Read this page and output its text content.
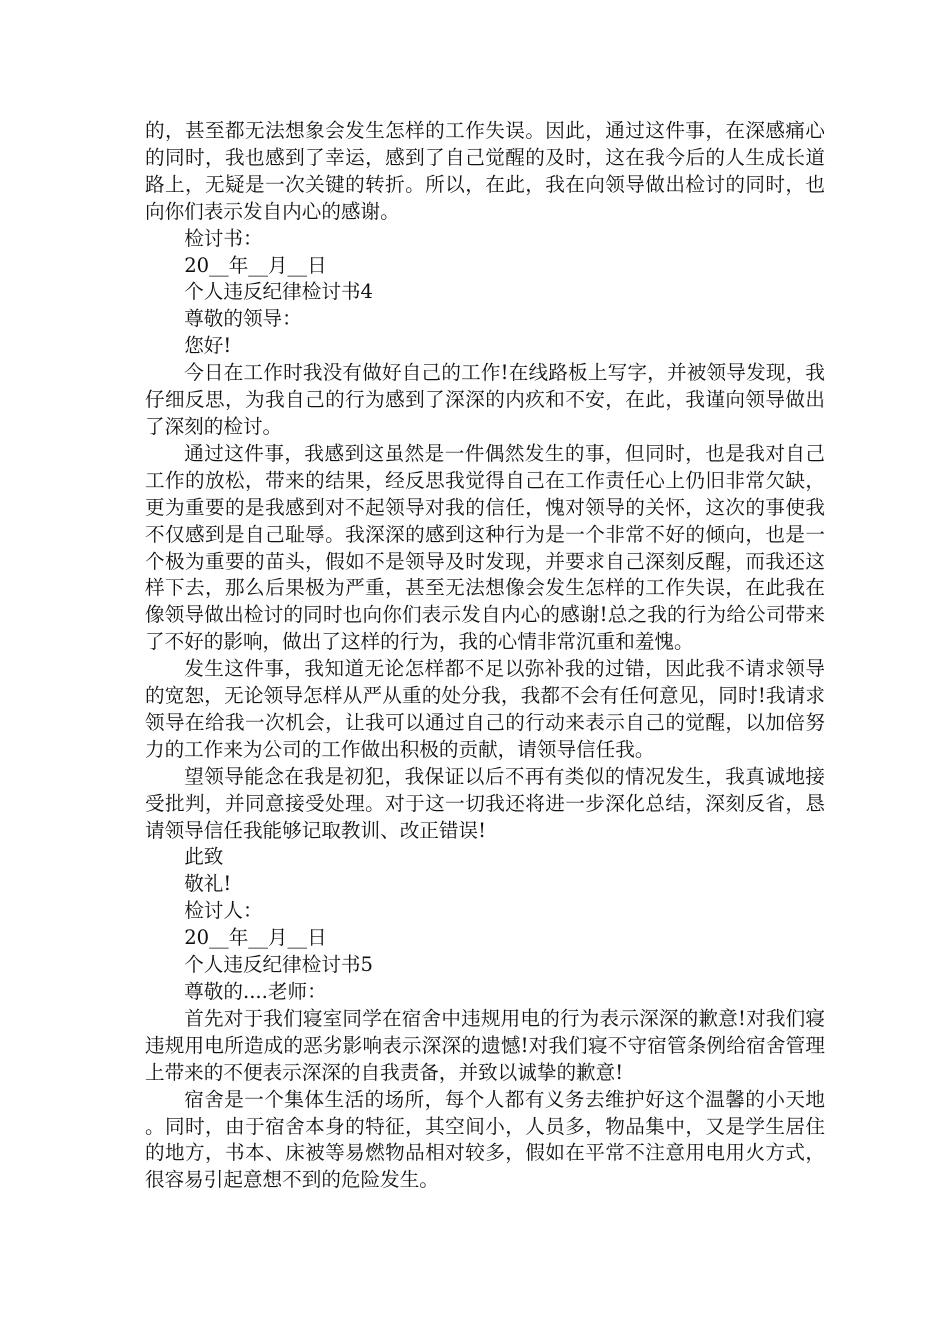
的，甚至都无法想象会发生怎样的工作失误。因此，通过这件事，在深感痛心的同时，我也感到了幸运，感到了自己觉醒的及时，这在我今后的人生成长道路上，无疑是一次关键的转折。所以，在此，我在向领导做出检讨的同时，也向你们表示发自内心的感谢。

检讨书：

20__年__月__日

个人违反纪律检讨书4

尊敬的领导：

您好!

今日在工作时我没有做好自己的工作!在线路板上写字，并被领导发现，我仔细反思，为我自己的行为感到了深深的内疚和不安，在此，我谨向领导做出了深刻的检讨。

通过这件事，我感到这虽然是一件偶然发生的事，但同时，也是我对自己工作的放松，带来的结果，经反思我觉得自己在工作责任心上仍旧非常欠缺，更为重要的是我感到对不起领导对我的信任，愧对领导的关怀，这次的事使我不仅感到是自己耻辱。我深深的感到这种行为是一个非常不好的倾向，也是一个极为重要的苗头，假如不是领导及时发现，并要求自己深刻反醒，而我还这样下去，那么后果极为严重，甚至无法想像会发生怎样的工作失误，在此我在像领导做出检讨的同时也向你们表示发自内心的感谢!总之我的行为给公司带来了不好的影响，做出了这样的行为，我的心情非常沉重和羞愧。

发生这件事，我知道无论怎样都不足以弥补我的过错，因此我不请求领导的宽恕，无论领导怎样从严从重的处分我，我都不会有任何意见，同时!我请求领导在给我一次机会，让我可以通过自己的行动来表示自己的觉醒，以加倍努力的工作来为公司的工作做出积极的贡献，请领导信任我。

望领导能念在我是初犯，我保证以后不再有类似的情况发生，我真诚地接受批判，并同意接受处理。对于这一切我还将进一步深化总结，深刻反省，恳请领导信任我能够记取教训、改正错误!

此致

敬礼!

检讨人：

20__年__月__日

个人违反纪律检讨书5

尊敬的....老师：

首先对于我们寝室同学在宿舍中违规用电的行为表示深深的歉意!对我们寝违规用电所造成的恶劣影响表示深深的遗憾!对我们寝不守宿管条例给宿舍管理上带来的不便表示深深的自我责备，并致以诚挚的歉意!

宿舍是一个集体生活的场所，每个人都有义务去维护好这个温馨的小天地。同时，由于宿舍本身的特征，其空间小，人员多，物品集中，又是学生居住的地方，书本、床被等易燃物品相对较多，假如在平常不注意用电用火方式，很容易引起意想不到的危险发生。
